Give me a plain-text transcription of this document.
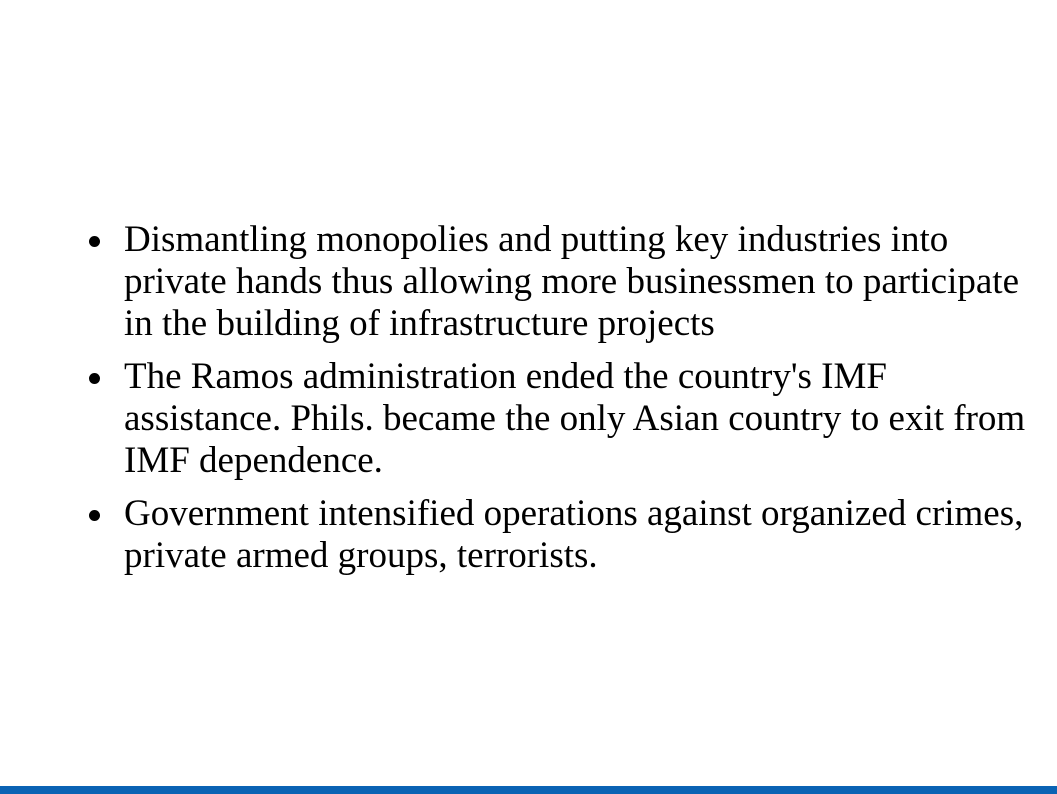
Dismantling monopolies and putting key industries into private hands thus allowing more businessmen to participate in the building of infrastructure projects
The Ramos administration ended the country's IMF assistance. Phils. became the only Asian country to exit from IMF dependence.
Government intensified operations against organized crimes, private armed groups, terrorists.
